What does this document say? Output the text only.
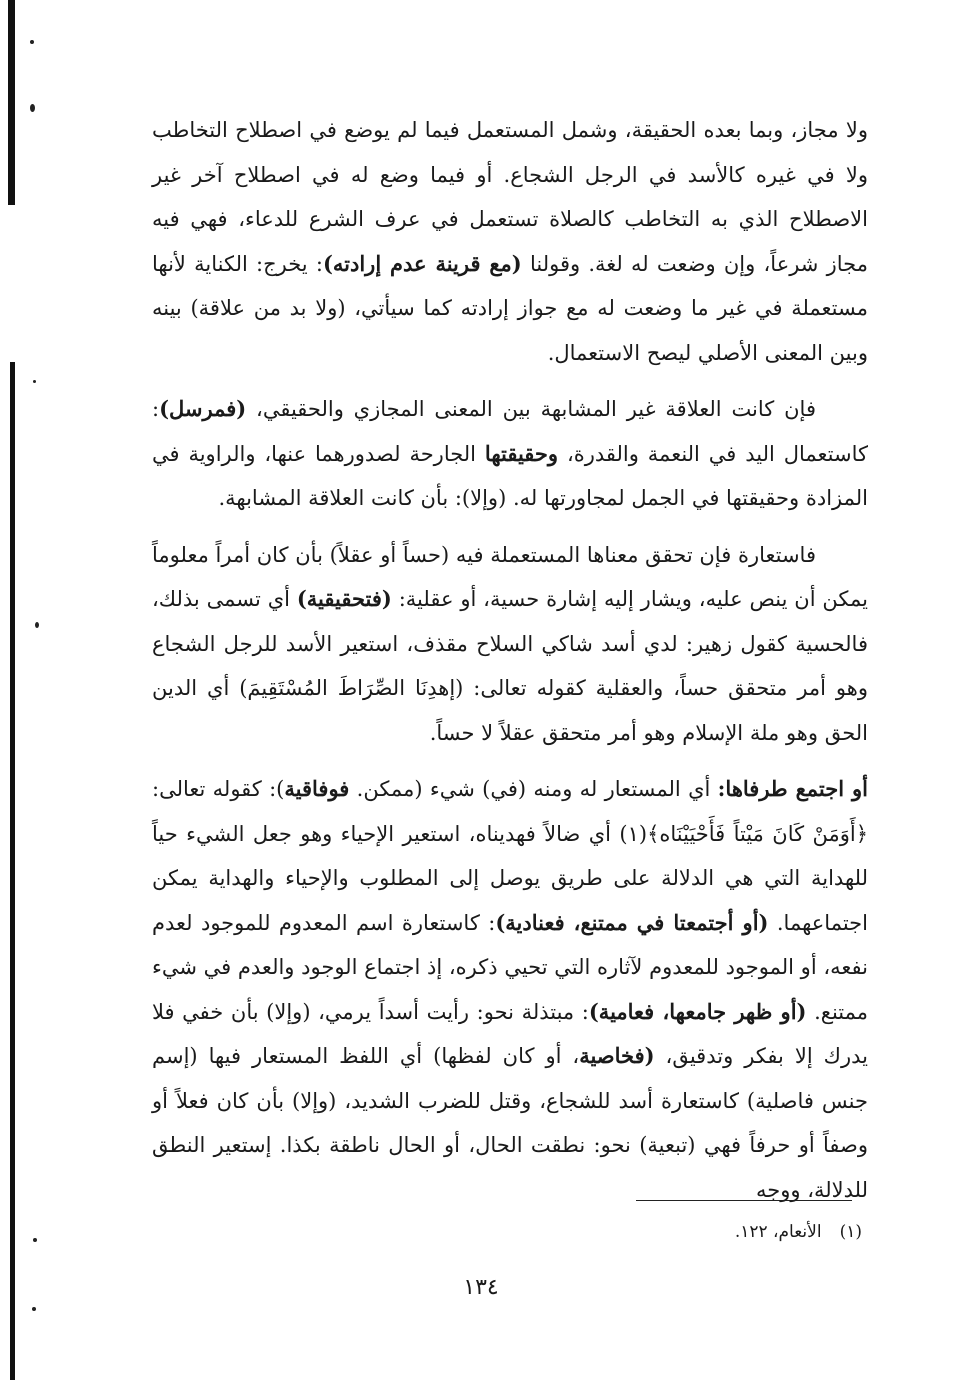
ولا مجاز، وبما بعده الحقيقة، وشمل المستعمل فيما لم يوضع في اصطلاح التخاطب ولا في غيره كالأسد في الرجل الشجاع. أو فيما وضع له في اصطلاح آخر غير الاصطلاح الذي به التخاطب كالصلاة تستعمل في عرف الشرع للدعاء، فهي فيه مجاز شرعاً، وإن وضعت له لغة. وقولنا (مع قرينة عدم إرادته): يخرج: الكناية لأنها مستعملة في غير ما وضعت له مع جواز إرادته كما سيأتي، (ولا بد من علاقة) بينه وبين المعنى الأصلي ليصح الاستعمال.

فإن كانت العلاقة غير المشابهة بين المعنى المجازي والحقيقي، (فمرسل): كاستعمال اليد في النعمة والقدرة، وحقيقتها الجارحة لصدورهما عنها، والراوية في المزادة وحقيقتها في الجمل لمجاورتها له. (وإلا): بأن كانت العلاقة المشابهة.

فاستعارة فإن تحقق معناها المستعملة فيه (حساً أو عقلاً) بأن كان أمراً معلوماً يمكن أن ينص عليه، ويشار إليه إشارة حسية، أو عقلية: (فتحقيقية) أي تسمى بذلك، فالحسية كقول زهير: لدي أسد شاكي السلاح مقذف، استعير الأسد للرجل الشجاع وهو أمر متحقق حساً، والعقلية كقوله تعالى: (إهدِنَا الصِّرَاطَ المُسْتَقِيمَ) أي الدين الحق وهو ملة الإسلام وهو أمر متحقق عقلاً لا حساً.

أو اجتمع طرفاها: أي المستعار له ومنه (في) شيء (ممكن. فوفاقية): كقوله تعالى: ﴿أَوَمَنْ كَانَ مَيْتاً فَأَحْيَيْنَاه﴾(١) أي ضالاً فهديناه، استعير الإحياء وهو جعل الشيء حياً للهداية التي هي الدلالة على طريق يوصل إلى المطلوب والإحياء والهداية يمكن اجتماعهما. (أو أجتمعتا في ممتنع، فعنادية): كاستعارة اسم المعدوم للموجود لعدم نفعه، أو الموجود للمعدوم لآثاره التي تحيي ذكره، إذ اجتماع الوجود والعدم في شيء ممتنع. (أو ظهر جامعها، فعامية): مبتذلة نحو: رأيت أسداً يرمي، (وإلا) بأن خفي فلا يدرك إلا بفكر وتدقيق، (فخاصية، أو كان لفظها) أي اللفظ المستعار فيها (إسم جنس فاصلية) كاستعارة أسد للشجاع، وقتل للضرب الشديد، (وإلا) بأن كان فعلاً أو وصفاً أو حرفاً فهي (تبعية) نحو: نطقت الحال، أو الحال ناطقة بكذا. إستعير النطق للدلالة، ووجه

(١)الأنعام، ١٢٢.
١٣٤
